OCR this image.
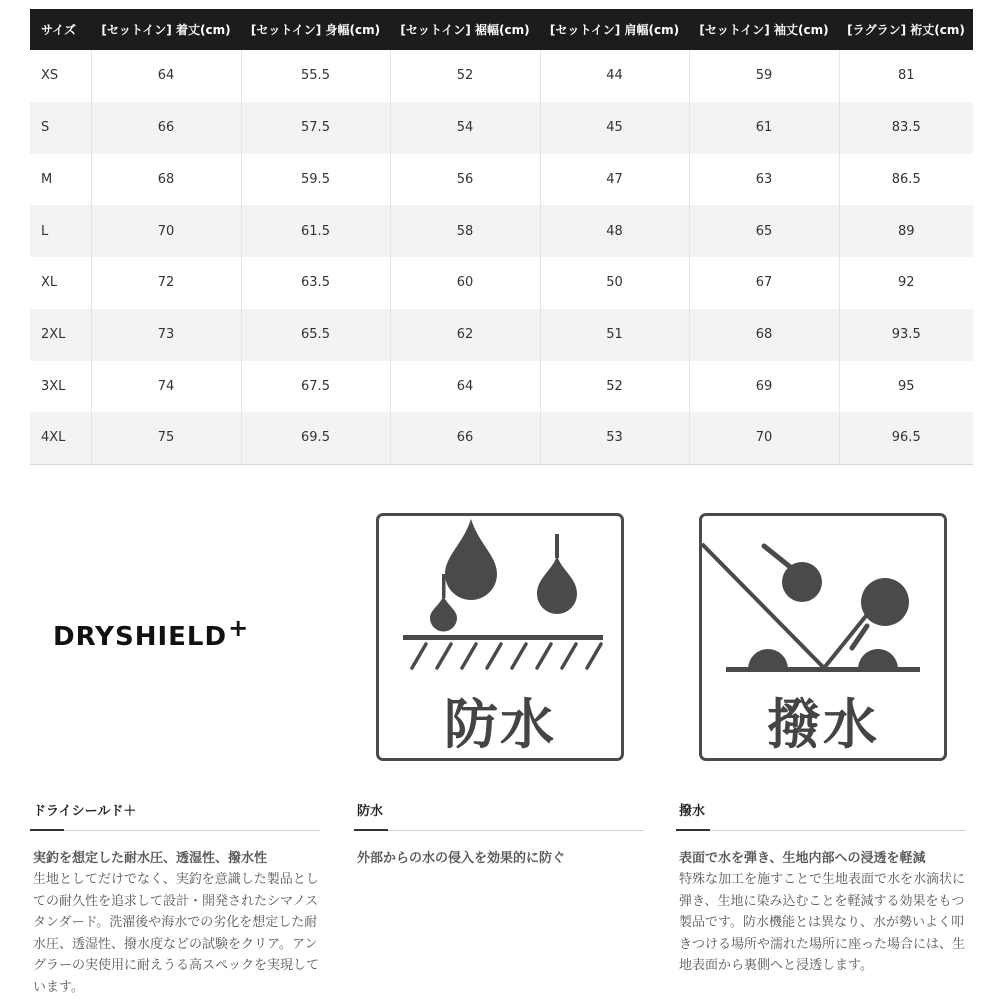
サイズ	[セットイン] 着丈(cm)	[セットイン] 身幅(cm)	[セットイン] 裾幅(cm)	[セットイン] 肩幅(cm)	[セットイン] 袖丈(cm)	[ラグラン] 裄丈(cm)
XS	64	55.5	52	44	59	81
S	66	57.5	54	45	61	83.5
M	68	59.5	56	47	63	86.5
L	70	61.5	58	48	65	89
XL	72	63.5	60	50	67	92
2XL	73	65.5	62	51	68	93.5
3XL	74	67.5	64	52	69	95
4XL	75	69.5	66	53	70	96.5
DRYSHIELD+
防水	撥水
ドライシールド＋
実釣を想定した耐水圧、透湿性、撥水性
生地としてだけでなく、実釣を意識した製品としての耐久性を追求して設計・開発されたシマノスタンダード。洗濯後や海水での劣化を想定した耐水圧、透湿性、撥水度などの試験をクリア。アングラーの実使用に耐えうる高スペックを実現しています。
防水
外部からの水の侵入を効果的に防ぐ
撥水
表面で水を弾き、生地内部への浸透を軽減
特殊な加工を施すことで生地表面で水を水滴状に弾き、生地に染み込むことを軽減する効果をもつ製品です。防水機能とは異なり、水が勢いよく叩きつける場所や濡れた場所に座った場合には、生地表面から裏側へと浸透します。
